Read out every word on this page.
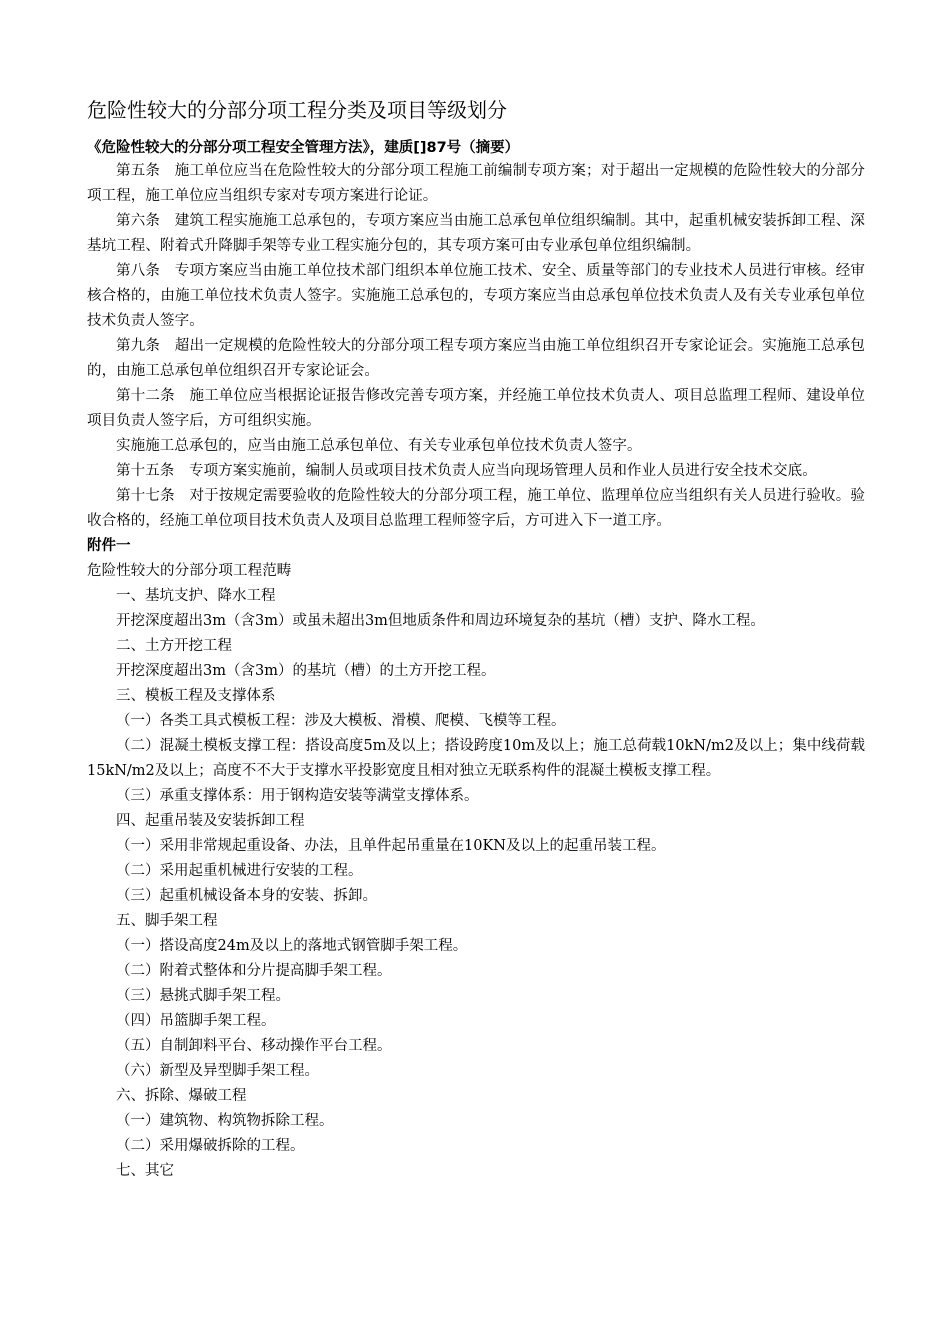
危险性较大的分部分项工程分类及项目等级划分

《危险性较大的分部分项工程安全管理方法》，建质[]87号（摘要）

第五条　施工单位应当在危险性较大的分部分项工程施工前编制专项方案；对于超出一定规模的危险性较大的分部分项工程，施工单位应当组织专家对专项方案进行论证。

第六条　建筑工程实施施工总承包的，专项方案应当由施工总承包单位组织编制。其中，起重机械安装拆卸工程、深基坑工程、附着式升降脚手架等专业工程实施分包的，其专项方案可由专业承包单位组织编制。

第八条　专项方案应当由施工单位技术部门组织本单位施工技术、安全、质量等部门的专业技术人员进行审核。经审核合格的，由施工单位技术负责人签字。实施施工总承包的，专项方案应当由总承包单位技术负责人及有关专业承包单位技术负责人签字。

第九条　超出一定规模的危险性较大的分部分项工程专项方案应当由施工单位组织召开专家论证会。实施施工总承包的，由施工总承包单位组织召开专家论证会。

第十二条　施工单位应当根据论证报告修改完善专项方案，并经施工单位技术负责人、项目总监理工程师、建设单位项目负责人签字后，方可组织实施。

实施施工总承包的，应当由施工总承包单位、有关专业承包单位技术负责人签字。

第十五条　专项方案实施前，编制人员或项目技术负责人应当向现场管理人员和作业人员进行安全技术交底。

第十七条　对于按规定需要验收的危险性较大的分部分项工程，施工单位、监理单位应当组织有关人员进行验收。验收合格的，经施工单位项目技术负责人及项目总监理工程师签字后，方可进入下一道工序。

附件一

危险性较大的分部分项工程范畴

一、基坑支护、降水工程

开挖深度超出3m（含3m）或虽未超出3m但地质条件和周边环境复杂的基坑（槽）支护、降水工程。

二、土方开挖工程

开挖深度超出3m（含3m）的基坑（槽）的土方开挖工程。

三、模板工程及支撑体系

（一）各类工具式模板工程：涉及大模板、滑模、爬模、飞模等工程。

（二）混凝土模板支撑工程：搭设高度5m及以上；搭设跨度10m及以上；施工总荷载10kN/m2及以上；集中线荷载15kN/m2及以上；高度不不大于支撑水平投影宽度且相对独立无联系构件的混凝土模板支撑工程。

（三）承重支撑体系：用于钢构造安装等满堂支撑体系。

四、起重吊装及安装拆卸工程

（一）采用非常规起重设备、办法，且单件起吊重量在10KN及以上的起重吊装工程。

（二）采用起重机械进行安装的工程。

（三）起重机械设备本身的安装、拆卸。

五、脚手架工程

（一）搭设高度24m及以上的落地式钢管脚手架工程。

（二）附着式整体和分片提高脚手架工程。

（三）悬挑式脚手架工程。

（四）吊篮脚手架工程。

（五）自制卸料平台、移动操作平台工程。

（六）新型及异型脚手架工程。

六、拆除、爆破工程

（一）建筑物、构筑物拆除工程。

（二）采用爆破拆除的工程。

七、其它
